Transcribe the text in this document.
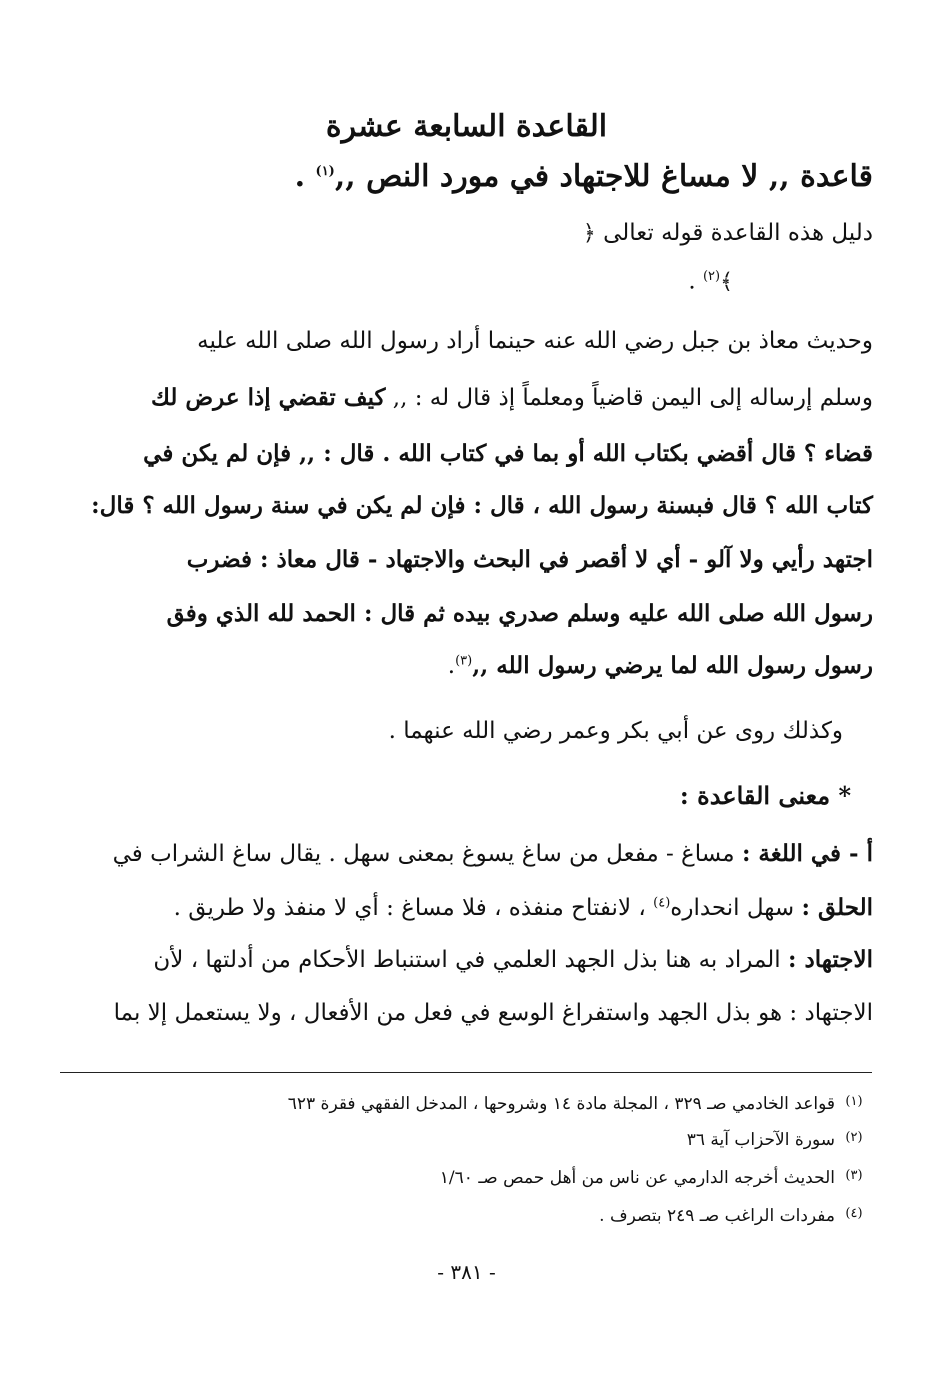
القاعدة السابعة عشرة
قاعدة ,, لا مساغ للاجتهاد في مورد النص ,,$^{(١)}$ .
دليل هذه القاعدة قوله تعالى ﴿
﴾$^{(٢)}$ .
وحديث معاذ بن جبل رضي الله عنه حينما أراد رسول الله صلى الله عليه
وسلم إرساله إلى اليمن قاضياً ومعلماً إذ قال له : ,, كيف تقضي إذا عرض لك
قضاء ؟ قال أقضي بكتاب الله أو بما في كتاب الله . قال : ,, فإن لم يكن في
كتاب الله ؟ قال فبسنة رسول الله ، قال : فإن لم يكن في سنة رسول الله ؟ قال:
اجتهد رأيي ولا آلو - أي لا أقصر في البحث والاجتهاد - قال معاذ : فضرب
رسول الله صلى الله عليه وسلم صدري بيده ثم قال : الحمد لله الذي وفق
رسول رسول الله لما يرضي رسول الله ,,$^{(٣)}$.
وكذلك روى عن أبي بكر وعمر رضي الله عنهما .
* معنى القاعدة :
أ - في اللغة : مساغ - مفعل من ساغ يسوغ بمعنى سهل . يقال ساغ الشراب في
الحلق : سهل انحداره$^{(٤)}$ ، لانفتاح منفذه ، فلا مساغ : أي لا منفذ ولا طريق .
الاجتهاد : المراد به هنا بذل الجهد العلمي في استنباط الأحكام من أدلتها ، لأن
الاجتهاد : هو بذل الجهد واستفراغ الوسع في فعل من الأفعال ، ولا يستعمل إلا بما
(١)قواعد الخادمي صـ ٣٢٩ ، المجلة مادة ١٤ وشروحها ، المدخل الفقهي فقرة ٦٢٣
(٢)سورة الآحزاب آية ٣٦
(٣)الحديث أخرجه الدارمي عن ناس من أهل حمص صـ ١/٦٠
(٤)مفردات الراغب صـ ٢٤٩ بتصرف .
- ٣٨١ -
